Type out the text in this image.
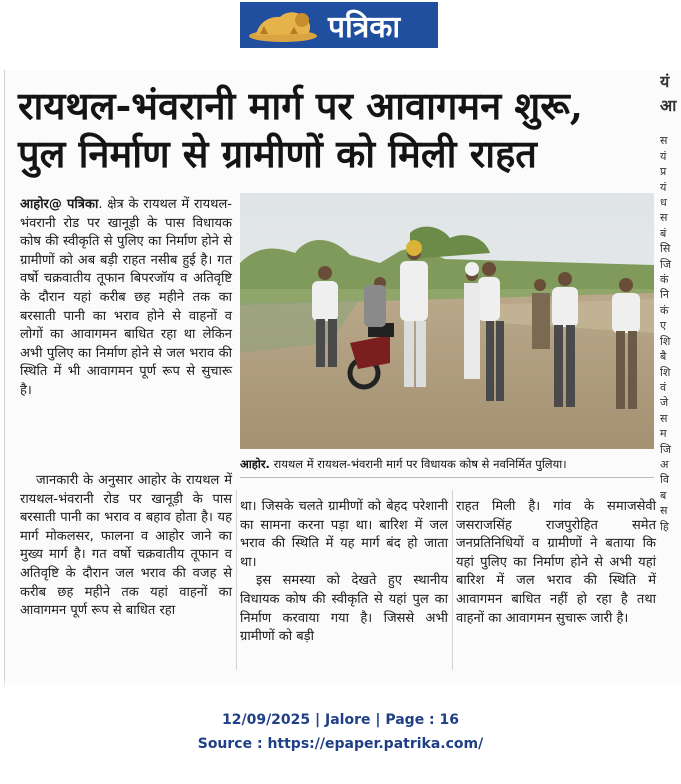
पत्रिका
रायथल-भंवरानी मार्ग पर आवागमन शुरू,
पुल निर्माण से ग्रामीणों को मिली राहत
यं
आ

स
यं
प्र
यं
ध
स
बं
सि
जि
कं
नि
कं
ए
शि
बै
शि
वं
जे
स
म
जि
अ
वि
ब
स
हि

आहोर@ पत्रिका. क्षेत्र के रायथल में रायथल-भंवरानी रोड पर खानूड़ी के पास विधायक कोष की स्वीकृति से पुलिए का निर्माण होने से ग्रामीणों को अब बड़ी राहत नसीब हुई है। गत वर्षो चक्रवातीय तूफान बिपरजॉय व अतिवृष्टि के दौरान यहां करीब छह महीने तक का बरसाती पानी का भराव होने से वाहनों व लोगों का आवागमन बाधित रहा था लेकिन अभी पुलिए का निर्माण होने से जल भराव की स्थिति में भी आवागमन पूर्ण रूप से सुचारू है।

आहोर. रायथल में रायथल-भंवरानी मार्ग पर विधायक कोष से नवनिर्मित पुलिया।

जानकारी के अनुसार आहोर के रायथल में रायथल-भंवरानी रोड पर खानूड़ी के पास बरसाती पानी का भराव व बहाव होता है। यह मार्ग मोकलसर, फालना व आहोर जाने का मुख्य मार्ग है। गत वर्षो चक्रवातीय तूफान व अतिवृष्टि के दौरान जल भराव की वजह से करीब छह महीने तक यहां वाहनों का आवागमन पूर्ण रूप से बाधित रहा

था। जिसके चलते ग्रामीणों को बेहद परेशानी का सामना करना पड़ा था। बारिश में जल भराव की स्थिति में यह मार्ग बंद हो जाता था।
इस समस्या को देखते हुए स्थानीय विधायक कोष की स्वीकृति से यहां पुल का निर्माण करवाया गया है। जिससे अभी ग्रामीणों को बड़ी

राहत मिली है। गांव के समाजसेवी जसराजसिंह राजपुरोहित समेत जनप्रतिनिधियों व ग्रामीणों ने बताया कि यहां पुलिए का निर्माण होने से अभी यहां बारिश में जल भराव की स्थिति में आवागमन बाधित नहीं हो रहा है तथा वाहनों का आवागमन सुचारू जारी है।

12/09/2025 | Jalore | Page : 16
Source : https://epaper.patrika.com/
